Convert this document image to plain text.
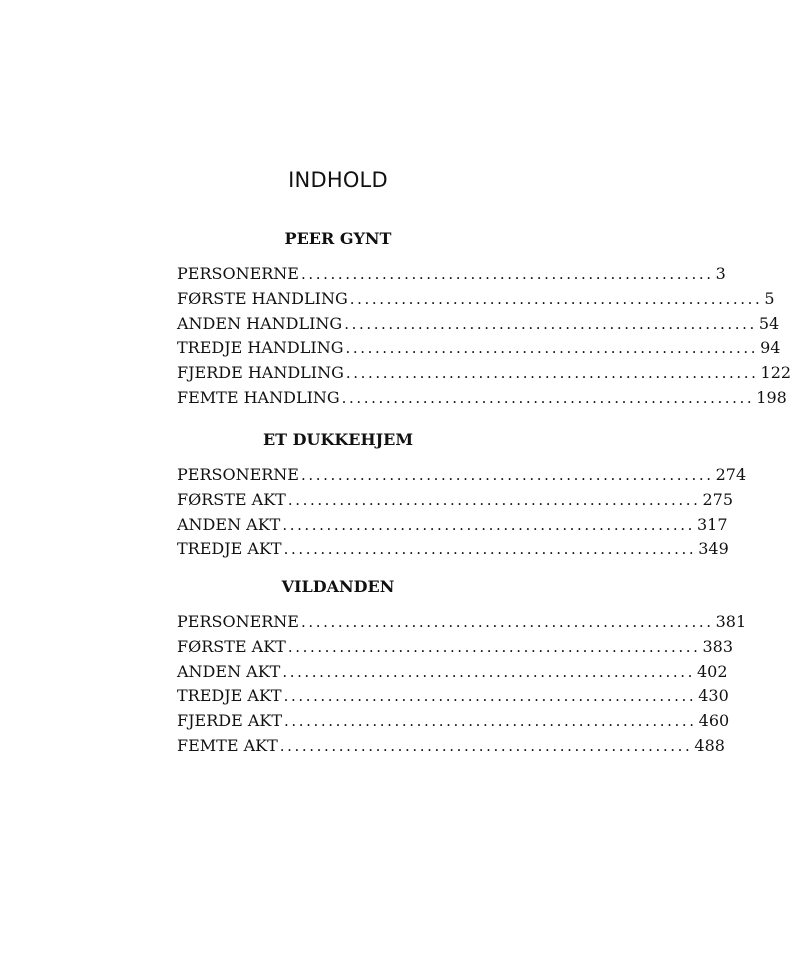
INDHOLD
PEER GYNT
PERSONERNE ........................................................ 3
FØRSTE HANDLING ........................................................ 5
ANDEN HANDLING ........................................................ 54
TREDJE HANDLING ........................................................ 94
FJERDE HANDLING ........................................................ 122
FEMTE HANDLING ........................................................ 198
ET DUKKEHJEM
PERSONERNE ........................................................ 274
FØRSTE AKT ........................................................ 275
ANDEN AKT ........................................................ 317
TREDJE AKT ........................................................ 349
VILDANDEN
PERSONERNE ........................................................ 381
FØRSTE AKT ........................................................ 383
ANDEN AKT ........................................................ 402
TREDJE AKT ........................................................ 430
FJERDE AKT ........................................................ 460
FEMTE AKT ........................................................ 488
